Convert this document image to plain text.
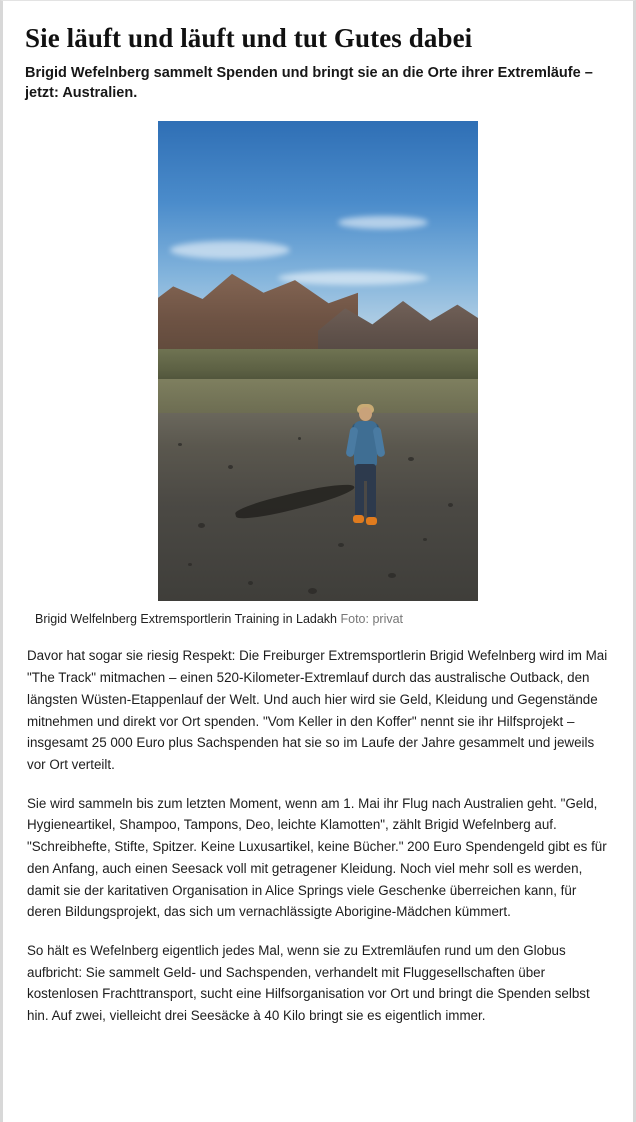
Sie läuft und läuft und tut Gutes dabei
Brigid Wefelnberg sammelt Spenden und bringt sie an die Orte ihrer Extremläufe – jetzt: Australien.
Brigid Welfelnberg Extremsportlerin Training in Ladakh Foto: privat

Davor hat sogar sie riesig Respekt: Die Freiburger Extremsportlerin Brigid Wefelnberg wird im Mai "The Track" mitmachen – einen 520-Kilometer-Extremlauf durch das australische Outback, den längsten Wüsten-Etappenlauf der Welt. Und auch hier wird sie Geld, Kleidung und Gegenstände mitnehmen und direkt vor Ort spenden. "Vom Keller in den Koffer" nennt sie ihr Hilfsprojekt – insgesamt 25 000 Euro plus Sachspenden hat sie so im Laufe der Jahre gesammelt und jeweils vor Ort verteilt.

Sie wird sammeln bis zum letzten Moment, wenn am 1. Mai ihr Flug nach Australien geht. "Geld, Hygieneartikel, Shampoo, Tampons, Deo, leichte Klamotten", zählt Brigid Wefelnberg auf. "Schreibhefte, Stifte, Spitzer. Keine Luxusartikel, keine Bücher." 200 Euro Spendengeld gibt es für den Anfang, auch einen Seesack voll mit getragener Kleidung. Noch viel mehr soll es werden, damit sie der karitativen Organisation in Alice Springs viele Geschenke überreichen kann, für deren Bildungsprojekt, das sich um vernachlässigte Aborigine-Mädchen kümmert.

So hält es Wefelnberg eigentlich jedes Mal, wenn sie zu Extremläufen rund um den Globus aufbricht: Sie sammelt Geld- und Sachspenden, verhandelt mit Fluggesellschaften über kostenlosen Frachttransport, sucht eine Hilfsorganisation vor Ort und bringt die Spenden selbst hin. Auf zwei, vielleicht drei Seesäcke à 40 Kilo bringt sie es eigentlich immer.
